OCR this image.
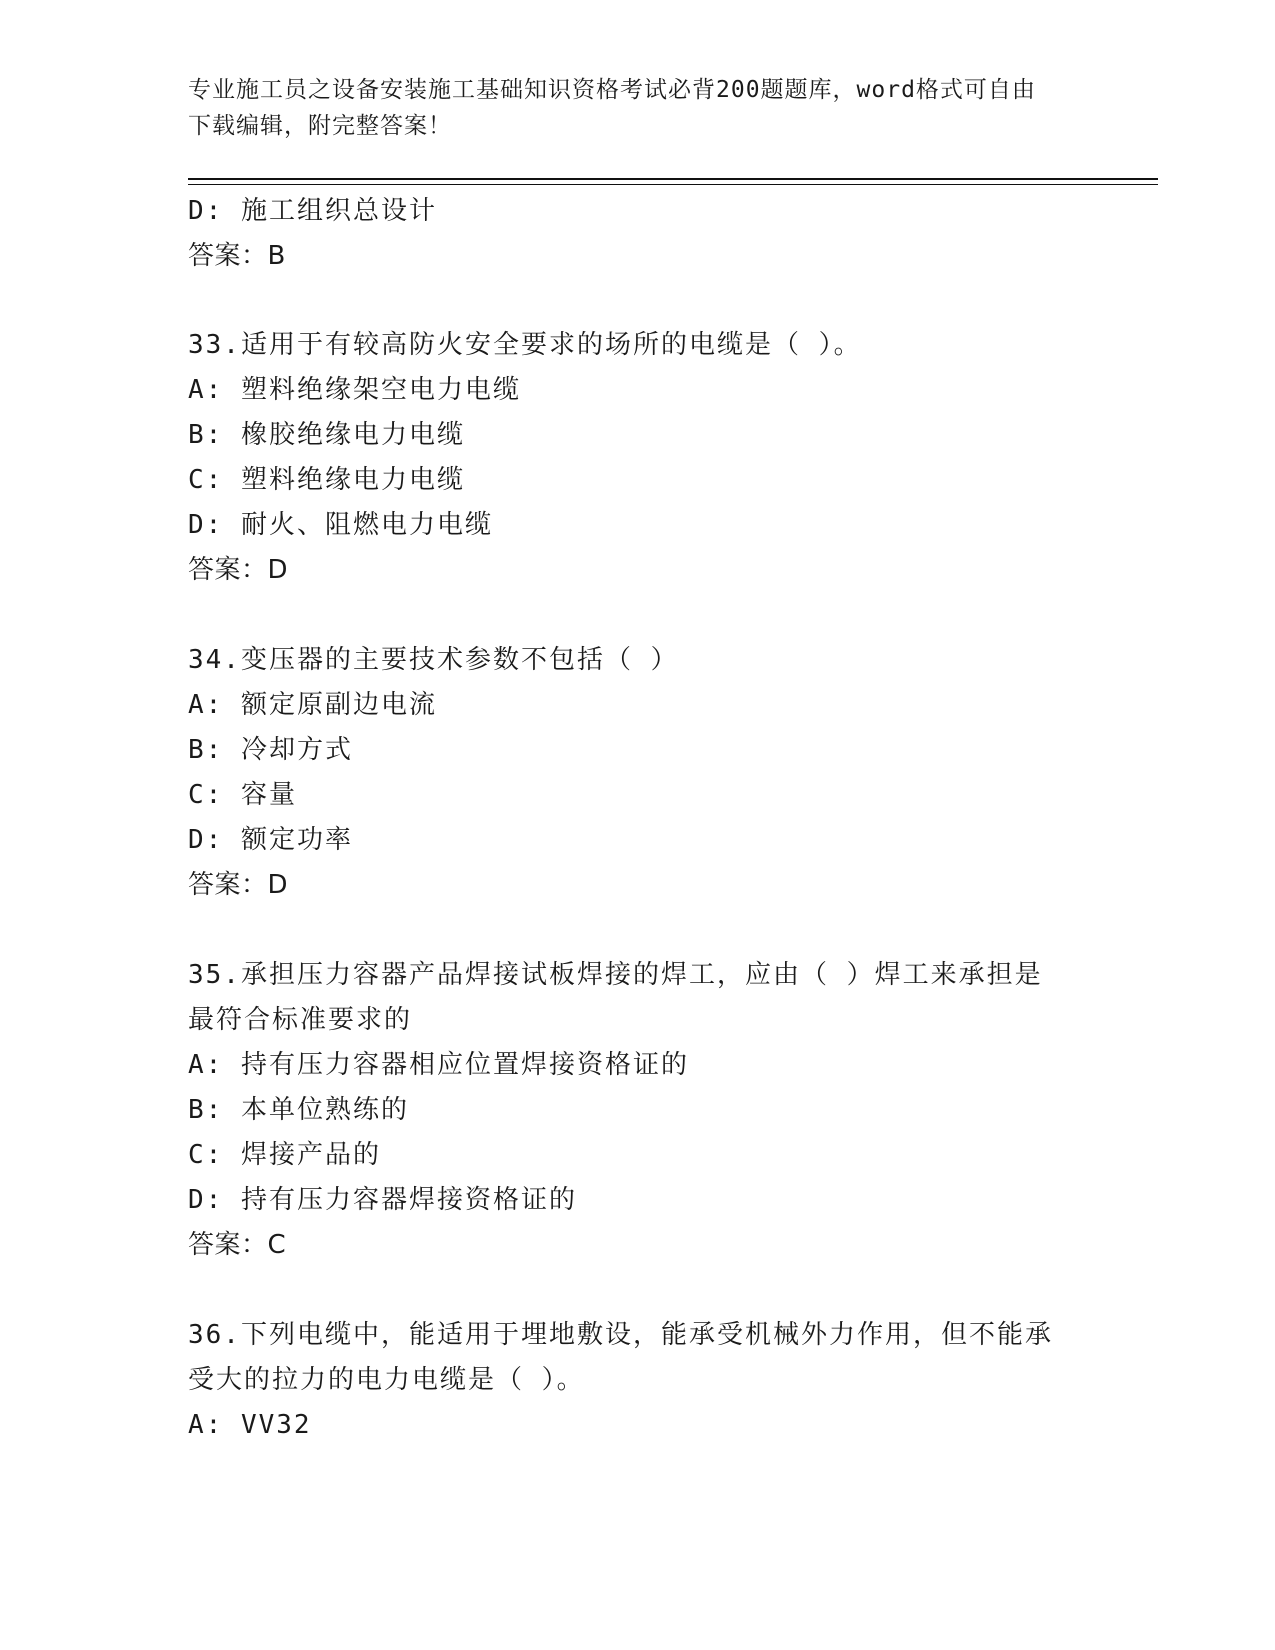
专业施工员之设备安装施工基础知识资格考试必背200题题库，word格式可自由
下载编辑，附完整答案！
D: 施工组织总设计
答案：B
33.适用于有较高防火安全要求的场所的电缆是（ ）。
A: 塑料绝缘架空电力电缆
B: 橡胶绝缘电力电缆
C: 塑料绝缘电力电缆
D: 耐火、阻燃电力电缆
答案：D
34.变压器的主要技术参数不包括（ ）
A: 额定原副边电流
B: 冷却方式
C: 容量
D: 额定功率
答案：D
35.承担压力容器产品焊接试板焊接的焊工，应由（ ）焊工来承担是
最符合标准要求的
A: 持有压力容器相应位置焊接资格证的
B: 本单位熟练的
C: 焊接产品的
D: 持有压力容器焊接资格证的
答案：C
36.下列电缆中，能适用于埋地敷设，能承受机械外力作用，但不能承
受大的拉力的电力电缆是（ ）。
A: VV32
